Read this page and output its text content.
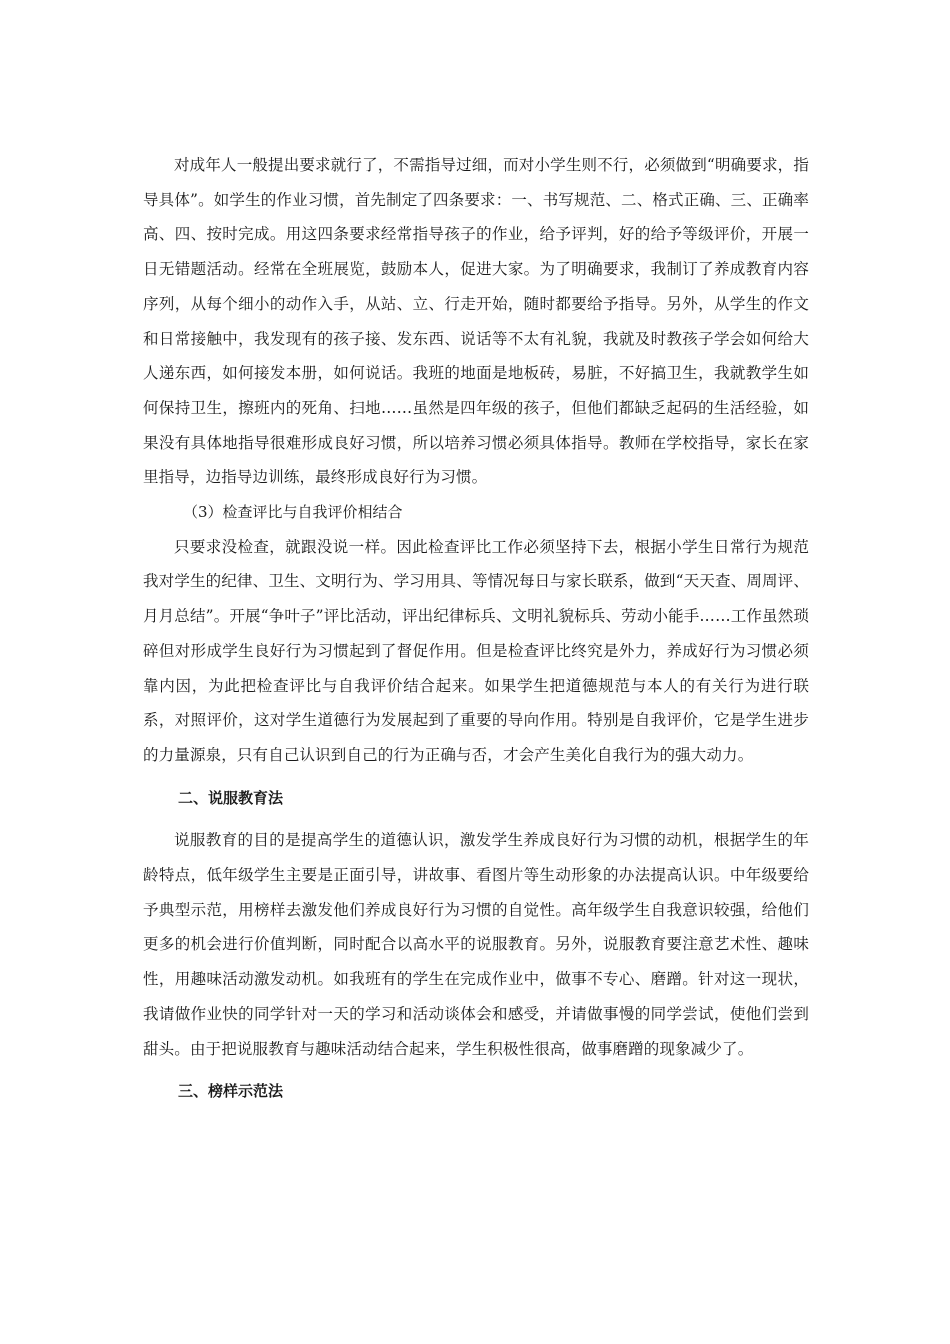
对成年人一般提出要求就行了，不需指导过细，而对小学生则不行，必须做到“明确要求，指导具体”。如学生的作业习惯，首先制定了四条要求：一、书写规范、二、格式正确、三、正确率高、四、按时完成。用这四条要求经常指导孩子的作业，给予评判，好的给予等级评价，开展一日无错题活动。经常在全班展览，鼓励本人，促进大家。为了明确要求，我制订了养成教育内容序列，从每个细小的动作入手，从站、立、行走开始，随时都要给予指导。另外，从学生的作文和日常接触中，我发现有的孩子接、发东西、说话等不太有礼貌，我就及时教孩子学会如何给大人递东西，如何接发本册，如何说话。我班的地面是地板砖，易脏，不好搞卫生，我就教学生如何保持卫生，擦班内的死角、扫地……虽然是四年级的孩子，但他们都缺乏起码的生活经验，如果没有具体地指导很难形成良好习惯，所以培养习惯必须具体指导。教师在学校指导，家长在家里指导，边指导边训练，最终形成良好行为习惯。

（3）检查评比与自我评价相结合

只要求没检查，就跟没说一样。因此检查评比工作必须坚持下去，根据小学生日常行为规范我对学生的纪律、卫生、文明行为、学习用具、等情况每日与家长联系，做到“天天查、周周评、月月总结”。开展“争叶子”评比活动，评出纪律标兵、文明礼貌标兵、劳动小能手……工作虽然琐碎但对形成学生良好行为习惯起到了督促作用。但是检查评比终究是外力，养成好行为习惯必须靠内因，为此把检查评比与自我评价结合起来。如果学生把道德规范与本人的有关行为进行联系，对照评价，这对学生道德行为发展起到了重要的导向作用。特别是自我评价，它是学生进步的力量源泉，只有自己认识到自己的行为正确与否，才会产生美化自我行为的强大动力。

二、说服教育法

说服教育的目的是提高学生的道德认识，激发学生养成良好行为习惯的动机，根据学生的年龄特点，低年级学生主要是正面引导，讲故事、看图片等生动形象的办法提高认识。中年级要给予典型示范，用榜样去激发他们养成良好行为习惯的自觉性。高年级学生自我意识较强，给他们更多的机会进行价值判断，同时配合以高水平的说服教育。另外，说服教育要注意艺术性、趣味性，用趣味活动激发动机。如我班有的学生在完成作业中，做事不专心、磨蹭。针对这一现状，我请做作业快的同学针对一天的学习和活动谈体会和感受，并请做事慢的同学尝试，使他们尝到甜头。由于把说服教育与趣味活动结合起来，学生积极性很高，做事磨蹭的现象减少了。

三、榜样示范法
